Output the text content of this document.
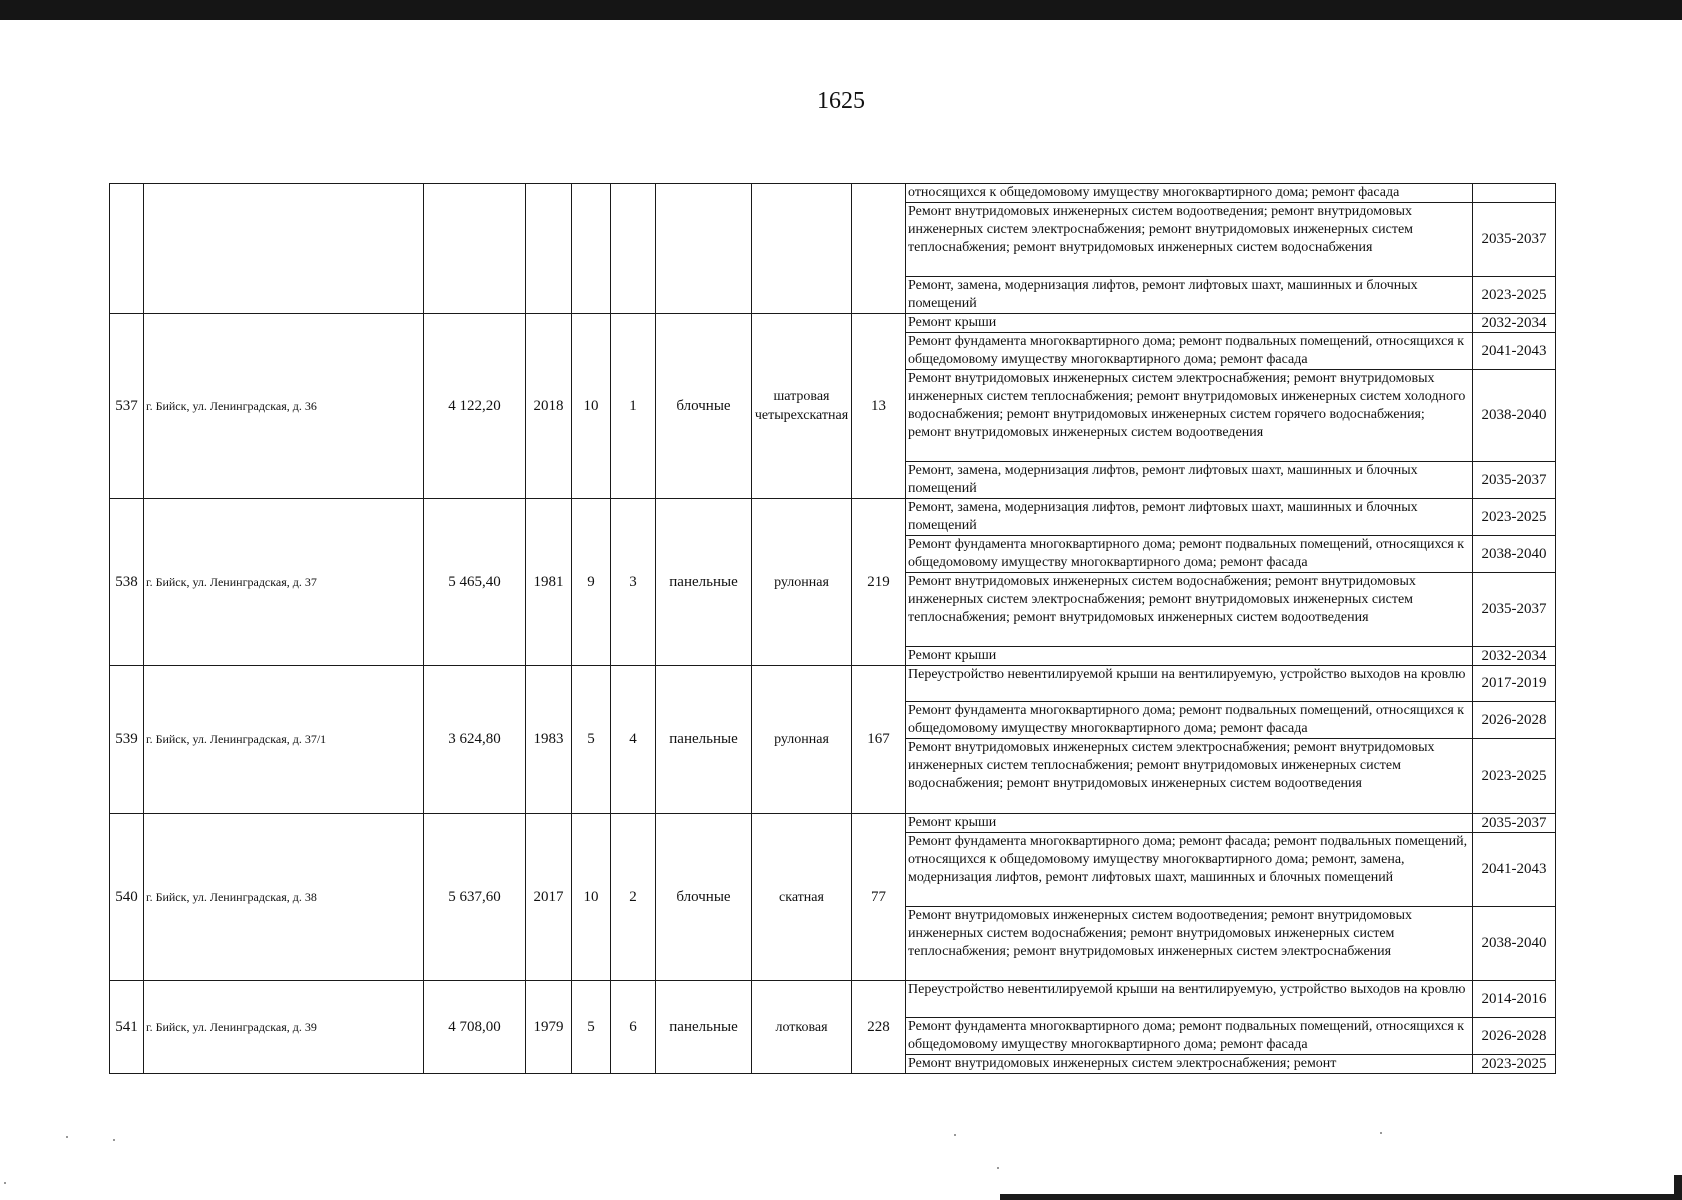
1625
									относящихся к общедомовому имуществу многоквартирного дома; ремонт фасада	
									Ремонт внутридомовых инженерных систем водоотведения; ремонт внутридомовых инженерных систем электроснабжения; ремонт внутридомовых инженерных систем теплоснабжения; ремонт внутридомовых инженерных систем водоснабжения	2035-2037
									Ремонт, замена, модернизация лифтов, ремонт лифтовых шахт, машинных и блочных помещений	2023-2025
537	г. Бийск, ул. Ленинградская, д. 36	4 122,20	2018	10	1	блочные	шатровая четырехскатная	13	Ремонт крыши	2032-2034
									Ремонт фундамента многоквартирного дома; ремонт подвальных помещений, относящихся к общедомовому имуществу многоквартирного дома; ремонт фасада	2041-2043
									Ремонт внутридомовых инженерных систем электроснабжения; ремонт внутридомовых инженерных систем теплоснабжения; ремонт внутридомовых инженерных систем холодного водоснабжения; ремонт внутридомовых инженерных систем горячего водоснабжения; ремонт внутридомовых инженерных систем водоотведения	2038-2040
									Ремонт, замена, модернизация лифтов, ремонт лифтовых шахт, машинных и блочных помещений	2035-2037
538	г. Бийск, ул. Ленинградская, д. 37	5 465,40	1981	9	3	панельные	рулонная	219	Ремонт, замена, модернизация лифтов, ремонт лифтовых шахт, машинных и блочных помещений	2023-2025
									Ремонт фундамента многоквартирного дома; ремонт подвальных помещений, относящихся к общедомовому имуществу многоквартирного дома; ремонт фасада	2038-2040
									Ремонт внутридомовых инженерных систем водоснабжения; ремонт внутридомовых инженерных систем электроснабжения; ремонт внутридомовых инженерных систем теплоснабжения; ремонт внутридомовых инженерных систем водоотведения	2035-2037
									Ремонт крыши	2032-2034
539	г. Бийск, ул. Ленинградская, д. 37/1	3 624,80	1983	5	4	панельные	рулонная	167	Переустройство невентилируемой крыши на вентилируемую, устройство выходов на кровлю	2017-2019
									Ремонт фундамента многоквартирного дома; ремонт подвальных помещений, относящихся к общедомовому имуществу многоквартирного дома; ремонт фасада	2026-2028
									Ремонт внутридомовых инженерных систем электроснабжения; ремонт внутридомовых инженерных систем теплоснабжения; ремонт внутридомовых инженерных систем водоснабжения; ремонт внутридомовых инженерных систем водоотведения	2023-2025
540	г. Бийск, ул. Ленинградская, д. 38	5 637,60	2017	10	2	блочные	скатная	77	Ремонт крыши	2035-2037
									Ремонт фундамента многоквартирного дома; ремонт фасада; ремонт подвальных помещений, относящихся к общедомовому имуществу многоквартирного дома; ремонт, замена, модернизация лифтов, ремонт лифтовых шахт, машинных и блочных помещений	2041-2043
									Ремонт внутридомовых инженерных систем водоотведения; ремонт внутридомовых инженерных систем водоснабжения; ремонт внутридомовых инженерных систем теплоснабжения; ремонт внутридомовых инженерных систем электроснабжения	2038-2040
541	г. Бийск, ул. Ленинградская, д. 39	4 708,00	1979	5	6	панельные	лотковая	228	Переустройство невентилируемой крыши на вентилируемую, устройство выходов на кровлю	2014-2016
									Ремонт фундамента многоквартирного дома; ремонт подвальных помещений, относящихся к общедомовому имуществу многоквартирного дома; ремонт фасада	2026-2028
									Ремонт внутридомовых инженерных систем электроснабжения; ремонт	2023-2025
